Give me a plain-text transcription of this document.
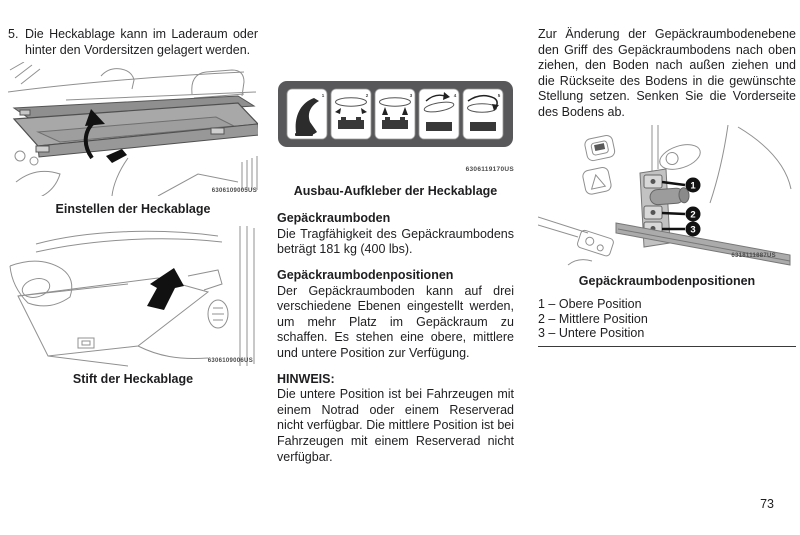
5. Die Heckablage kann im Laderaum oder hinter den Vordersitzen gelagert werden.
6306109005US
Einstellen der Heckablage
6306109006US
Stift der Heckablage
1	2	3	4	5
6306119170US
Ausbau-Aufkleber der Heckablage

Gepäckraumboden

Die Tragfähigkeit des Gepäckraumbodens beträgt 181 kg (400 lbs).

Gepäckraumbodenpositionen

Der Gepäckraumboden kann auf drei verschiedene Ebenen eingestellt werden, um mehr Platz im Gepäckraum zu schaffen. Es stehen eine obere, mittlere und untere Position zur Verfügung.

HINWEIS:

Die untere Position ist bei Fahrzeugen mit einem Notrad oder einem Reserverad nicht verfügbar. Die mittlere Position ist bei Fahrzeugen mit einem Reserverad nicht verfügbar.

Zur Änderung der Gepäckraumbodenebene den Griff des Gepäckraumbodens nach oben ziehen, den Boden nach außen ziehen und die Rückseite des Bodens in die gewünschte Stellung setzen. Senken Sie die Vorderseite des Bodens ab.

1
2
3
6318111887US
Gepäckraumbodenpositionen

1 – Obere Position

2 – Mittlere Position

3 – Untere Position

73
